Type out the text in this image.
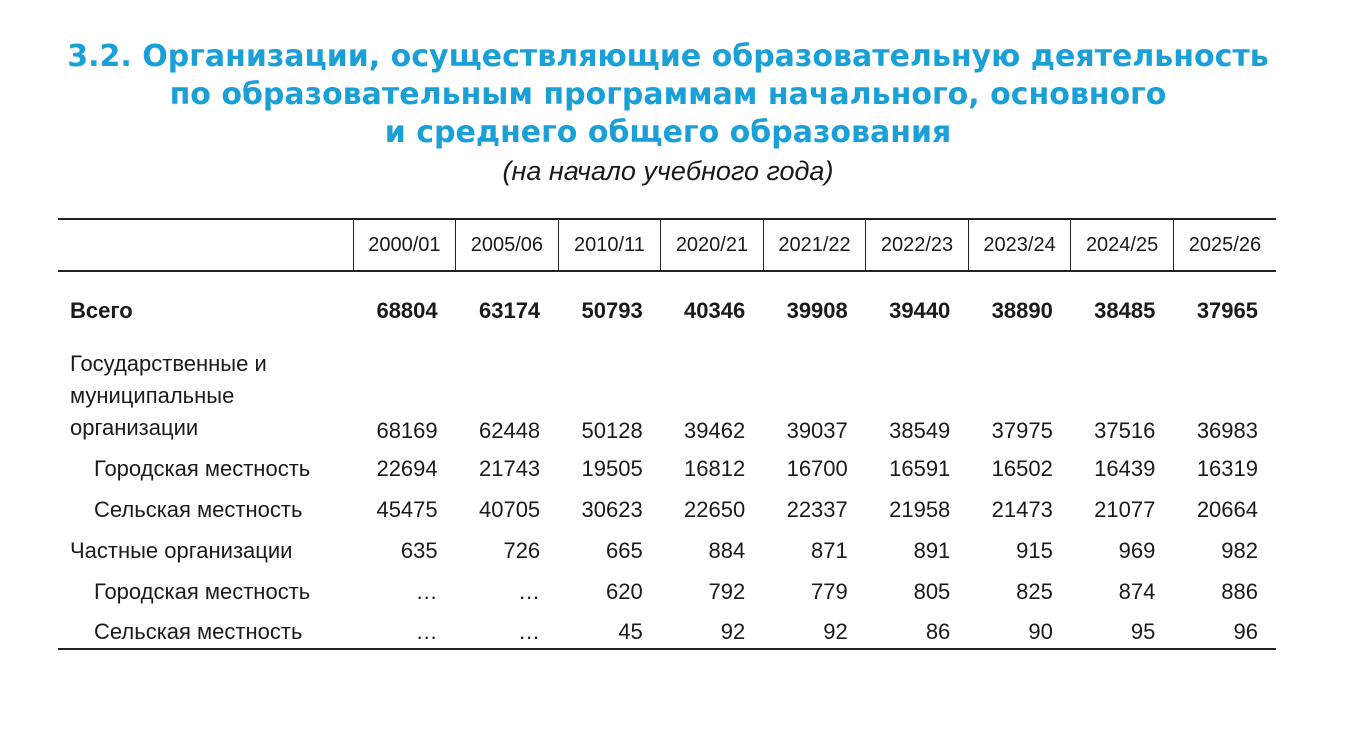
3.2. Организации, осуществляющие образовательную деятельность
по образовательным программам начального, основного
и среднего общего образования
(на начало учебного года)
	2000/01	2005/06	2010/11	2020/21	2021/22	2022/23	2023/24	2024/25	2025/26
Всего	68804	63174	50793	40346	39908	39440	38890	38485	37965
Государственные и муниципальные организации	68169	62448	50128	39462	39037	38549	37975	37516	36983
Городская местность	22694	21743	19505	16812	16700	16591	16502	16439	16319
Сельская местность	45475	40705	30623	22650	22337	21958	21473	21077	20664
Частные организации	635	726	665	884	871	891	915	969	982
Городская местность	…	…	620	792	779	805	825	874	886
Сельская местность	…	…	45	92	92	86	90	95	96
